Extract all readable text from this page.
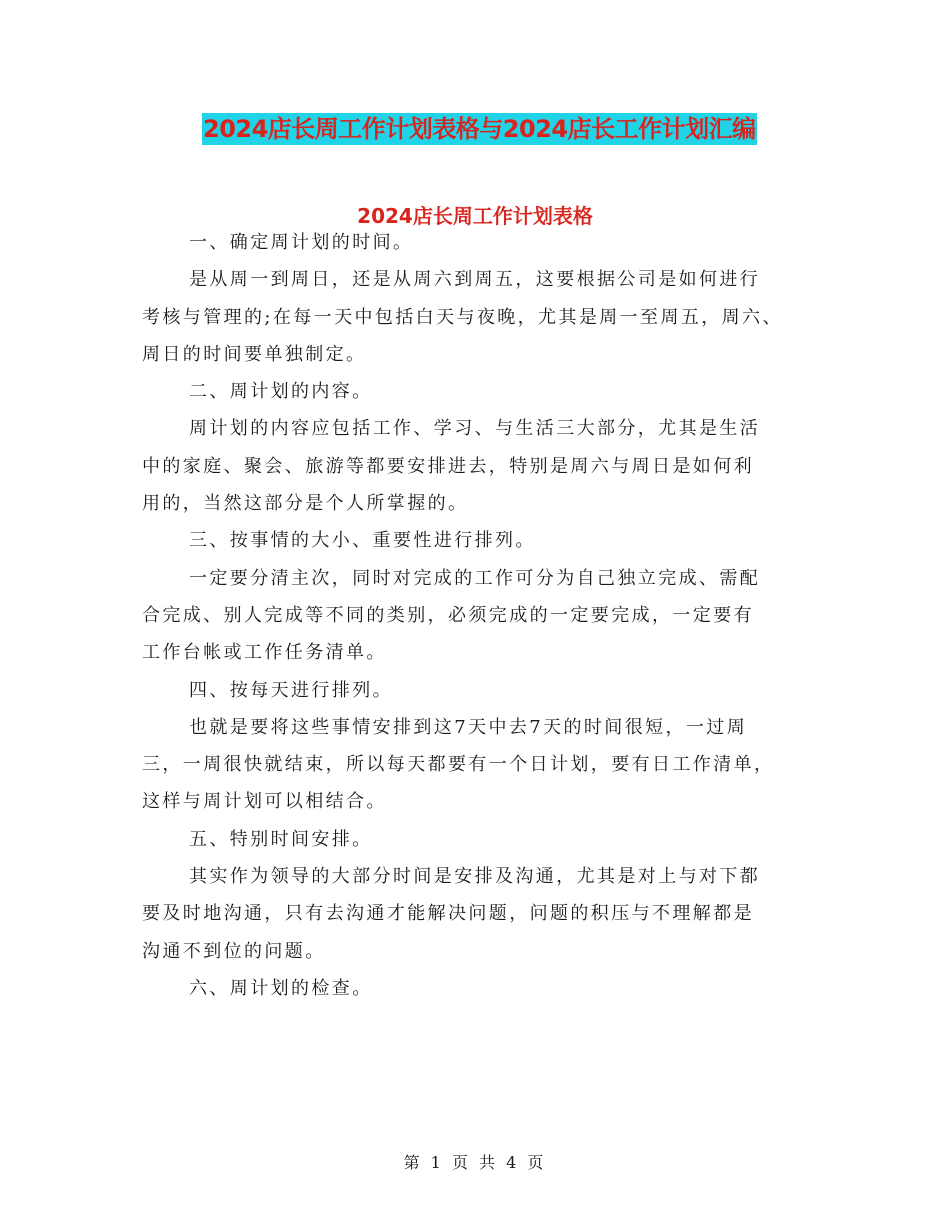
2024店长周工作计划表格与2024店长工作计划汇编
2024店长周工作计划表格
一、确定周计划的时间。
是从周一到周日，还是从周六到周五，这要根据公司是如何进行
考核与管理的;在每一天中包括白天与夜晚，尤其是周一至周五，周六、
周日的时间要单独制定。
二、周计划的内容。
周计划的内容应包括工作、学习、与生活三大部分，尤其是生活
中的家庭、聚会、旅游等都要安排进去，特别是周六与周日是如何利
用的，当然这部分是个人所掌握的。
三、按事情的大小、重要性进行排列。
一定要分清主次，同时对完成的工作可分为自己独立完成、需配
合完成、别人完成等不同的类别，必须完成的一定要完成，一定要有
工作台帐或工作任务清单。
四、按每天进行排列。
也就是要将这些事情安排到这7天中去7天的时间很短，一过周
三，一周很快就结束，所以每天都要有一个日计划，要有日工作清单，
这样与周计划可以相结合。
五、特别时间安排。
其实作为领导的大部分时间是安排及沟通，尤其是对上与对下都
要及时地沟通，只有去沟通才能解决问题，问题的积压与不理解都是
沟通不到位的问题。
六、周计划的检查。
第 1 页 共 4 页
